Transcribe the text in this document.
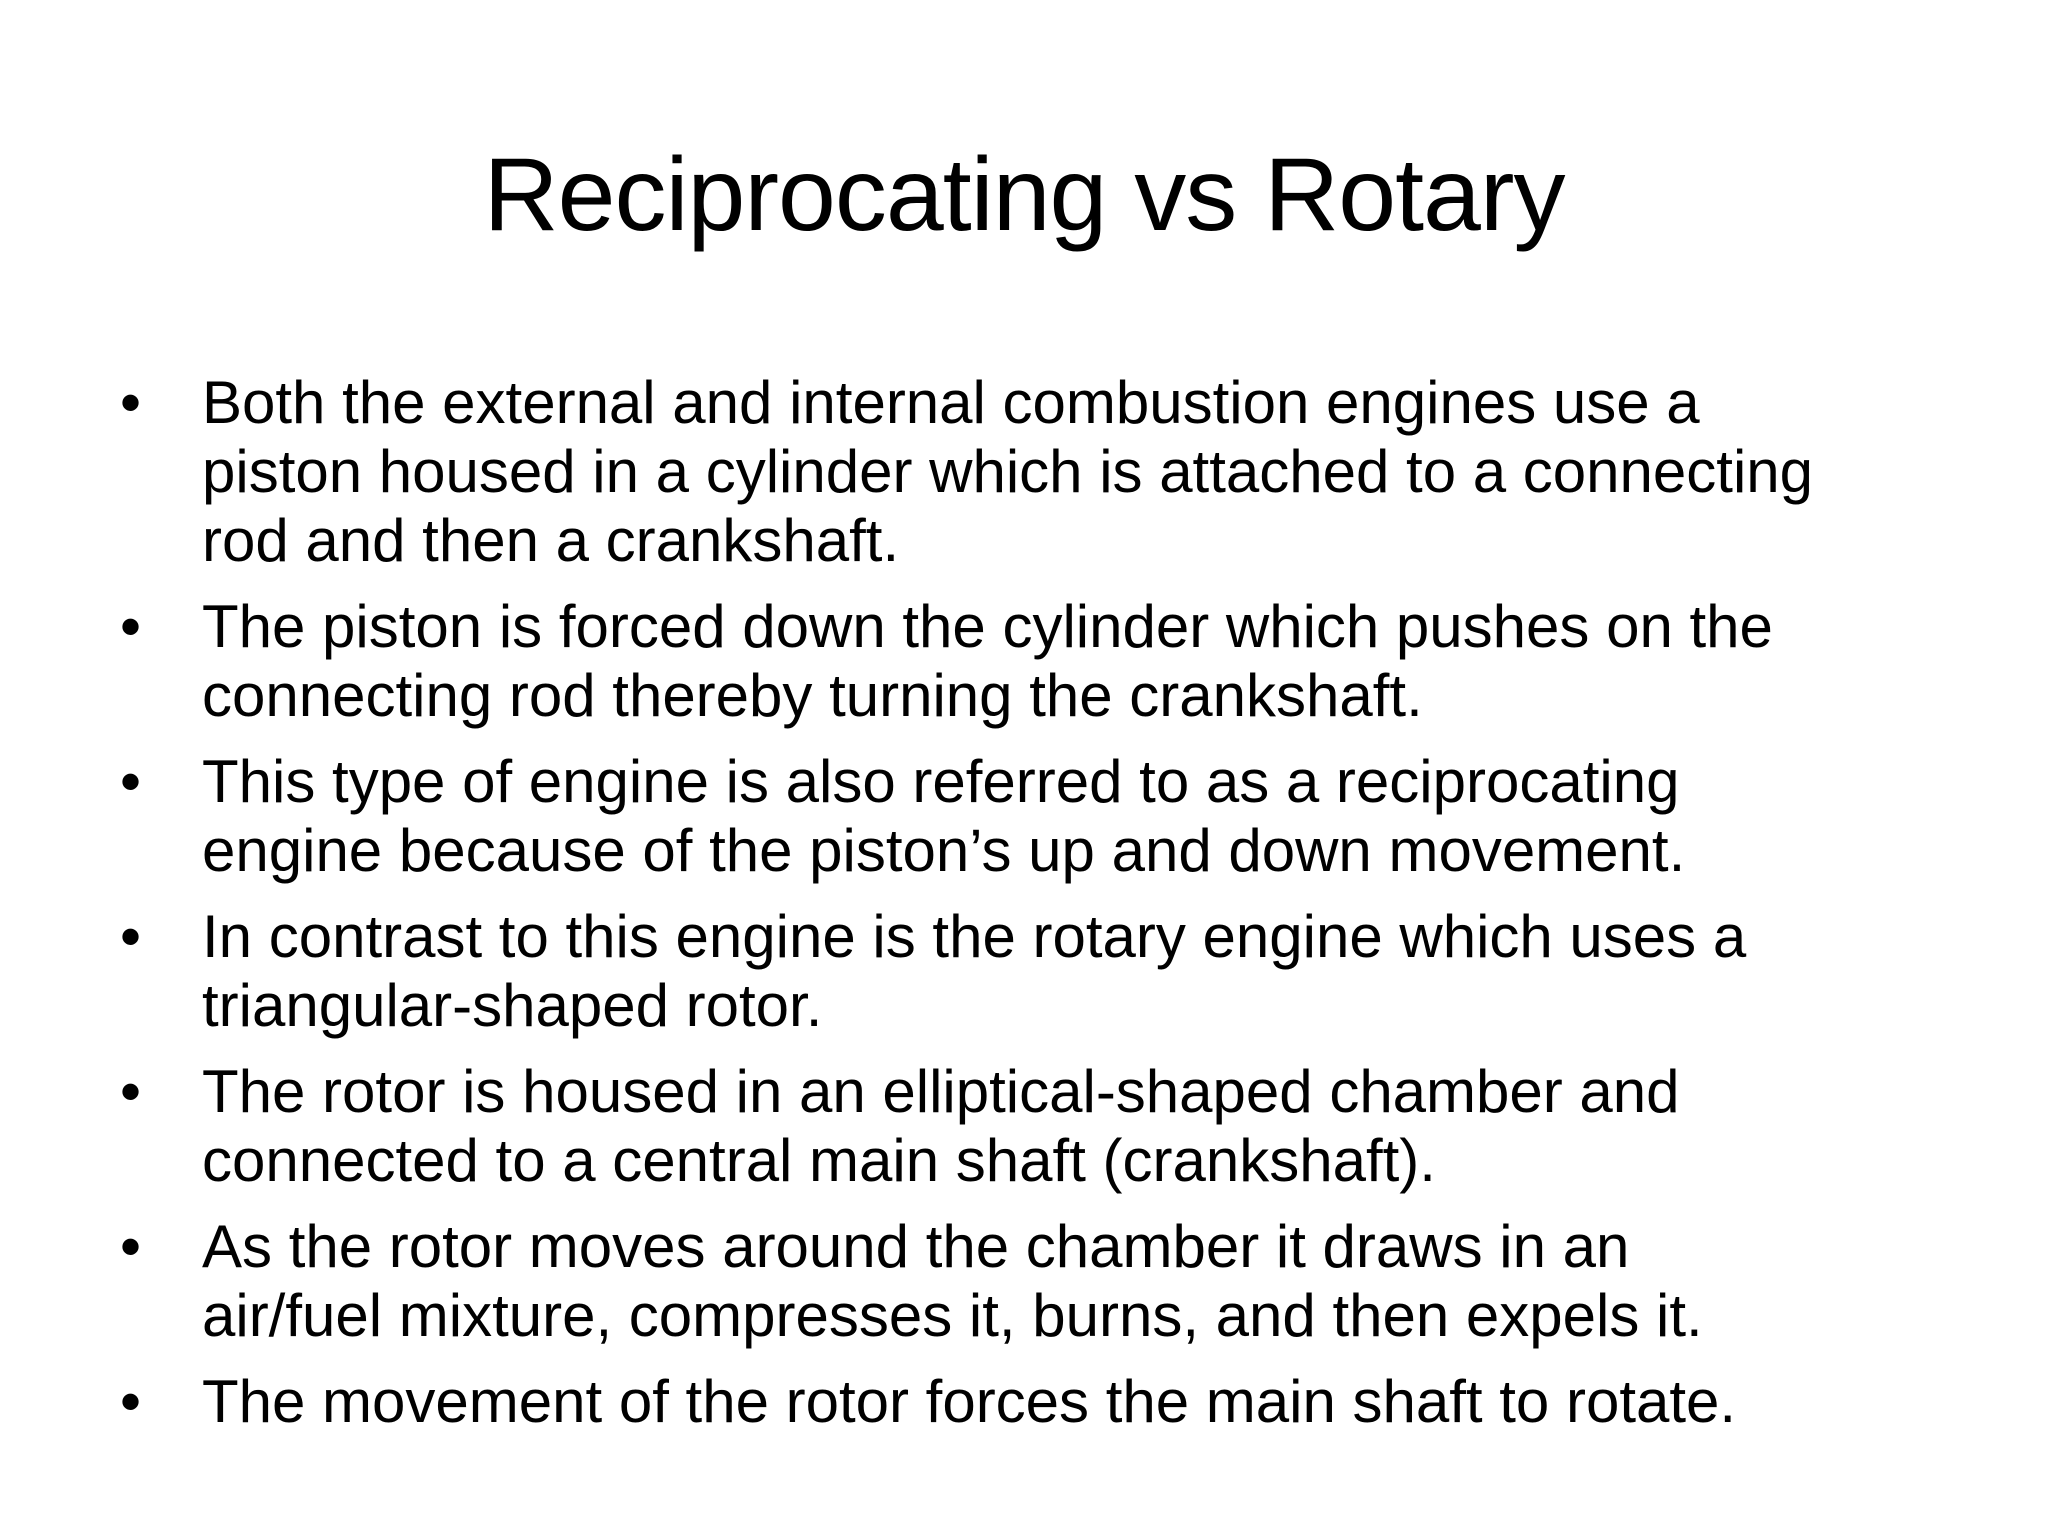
Reciprocating vs Rotary
• Both the external and internal combustion engines use a
piston housed in a cylinder which is attached to a connecting
rod and then a crankshaft.
• The piston is forced down the cylinder which pushes on the
connecting rod thereby turning the crankshaft.
• This type of engine is also referred to as a reciprocating
engine because of the piston’s up and down movement.
• In contrast to this engine is the rotary engine which uses a
triangular-shaped rotor.
• The rotor is housed in an elliptical-shaped chamber and
connected to a central main shaft (crankshaft).
• As the rotor moves around the chamber it draws in an
air/fuel mixture, compresses it, burns, and then expels it.
• The movement of the rotor forces the main shaft to rotate.
